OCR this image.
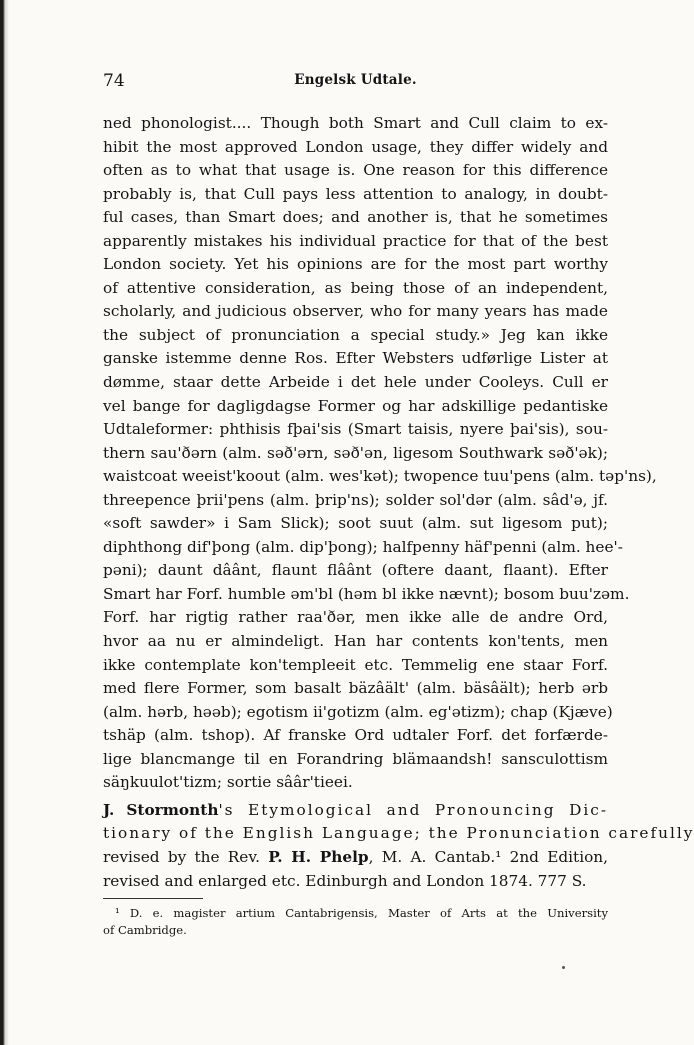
74	Engelsk Udtale.
ned phonologist.... Though both Smart and Cull claim to ex-
hibit the most approved London usage, they differ widely and
often as to what that usage is. One reason for this difference
probably is, that Cull pays less attention to analogy, in doubt-
ful cases, than Smart does; and another is, that he sometimes
apparently mistakes his individual practice for that of the best
London society. Yet his opinions are for the most part worthy
of attentive consideration, as being those of an independent,
scholarly, and judicious observer, who for many years has made
the subject of pronunciation a special study.» Jeg kan ikke
ganske istemme denne Ros. Efter Websters udførlige Lister at
dømme, staar dette Arbeide i det hele under Cooleys. Cull er
vel bange for dagligdagse Former og har adskillige pedantiske
Udtaleformer: phthisis fþai'sis (Smart taisis, nyere þai'sis), sou-
thern sau'ðərn (alm. səð'ərn, səð'ən, ligesom Southwark səð'ək);
waistcoat weeist'koout (alm. wes'kət); twopence tuu'pens (alm. təp'ns),
threepence þrii'pens (alm. þrip'ns); solder sol'dər (alm. sâd'ə, jf.
«soft sawder» i Sam Slick); soot suut (alm. sut ligesom put);
diphthong dif'þong (alm. dip'þong); halfpenny häf'penni (alm. hee'-
pəni); daunt dâânt, flaunt flâânt (oftere daant, flaant). Efter
Smart har Forf. humble əm'bl (həm bl ikke nævnt); bosom buu'zəm.
Forf. har rigtig rather raa'ðər, men ikke alle de andre Ord,
hvor aa nu er almindeligt. Han har contents kon'tents, men
ikke contemplate kon'templeeit etc. Temmelig ene staar Forf.
med flere Former, som basalt bäzâält' (alm. bäsâält); herb ərb
(alm. hərb, həəb); egotism ii'gotizm (alm. eg'ətizm); chap (Kjæve)
tshäp (alm. tshop). Af franske Ord udtaler Forf. det forfærde-
lige blancmange til en Forandring blämaandsh! sansculottism
säŋkuulot'tizm; sortie sââr'tieei.
J. Stormonth's Etymological and Pronouncing Dic-
tionary of the English Language; the Pronunciation carefully
revised by the Rev. P. H. Phelp, M. A. Cantab.¹ 2nd Edition,
revised and enlarged etc. Edinburgh and London 1874. 777 S.
¹ D. e. magister artium Cantabrigensis, Master of Arts at the University
of Cambridge.
